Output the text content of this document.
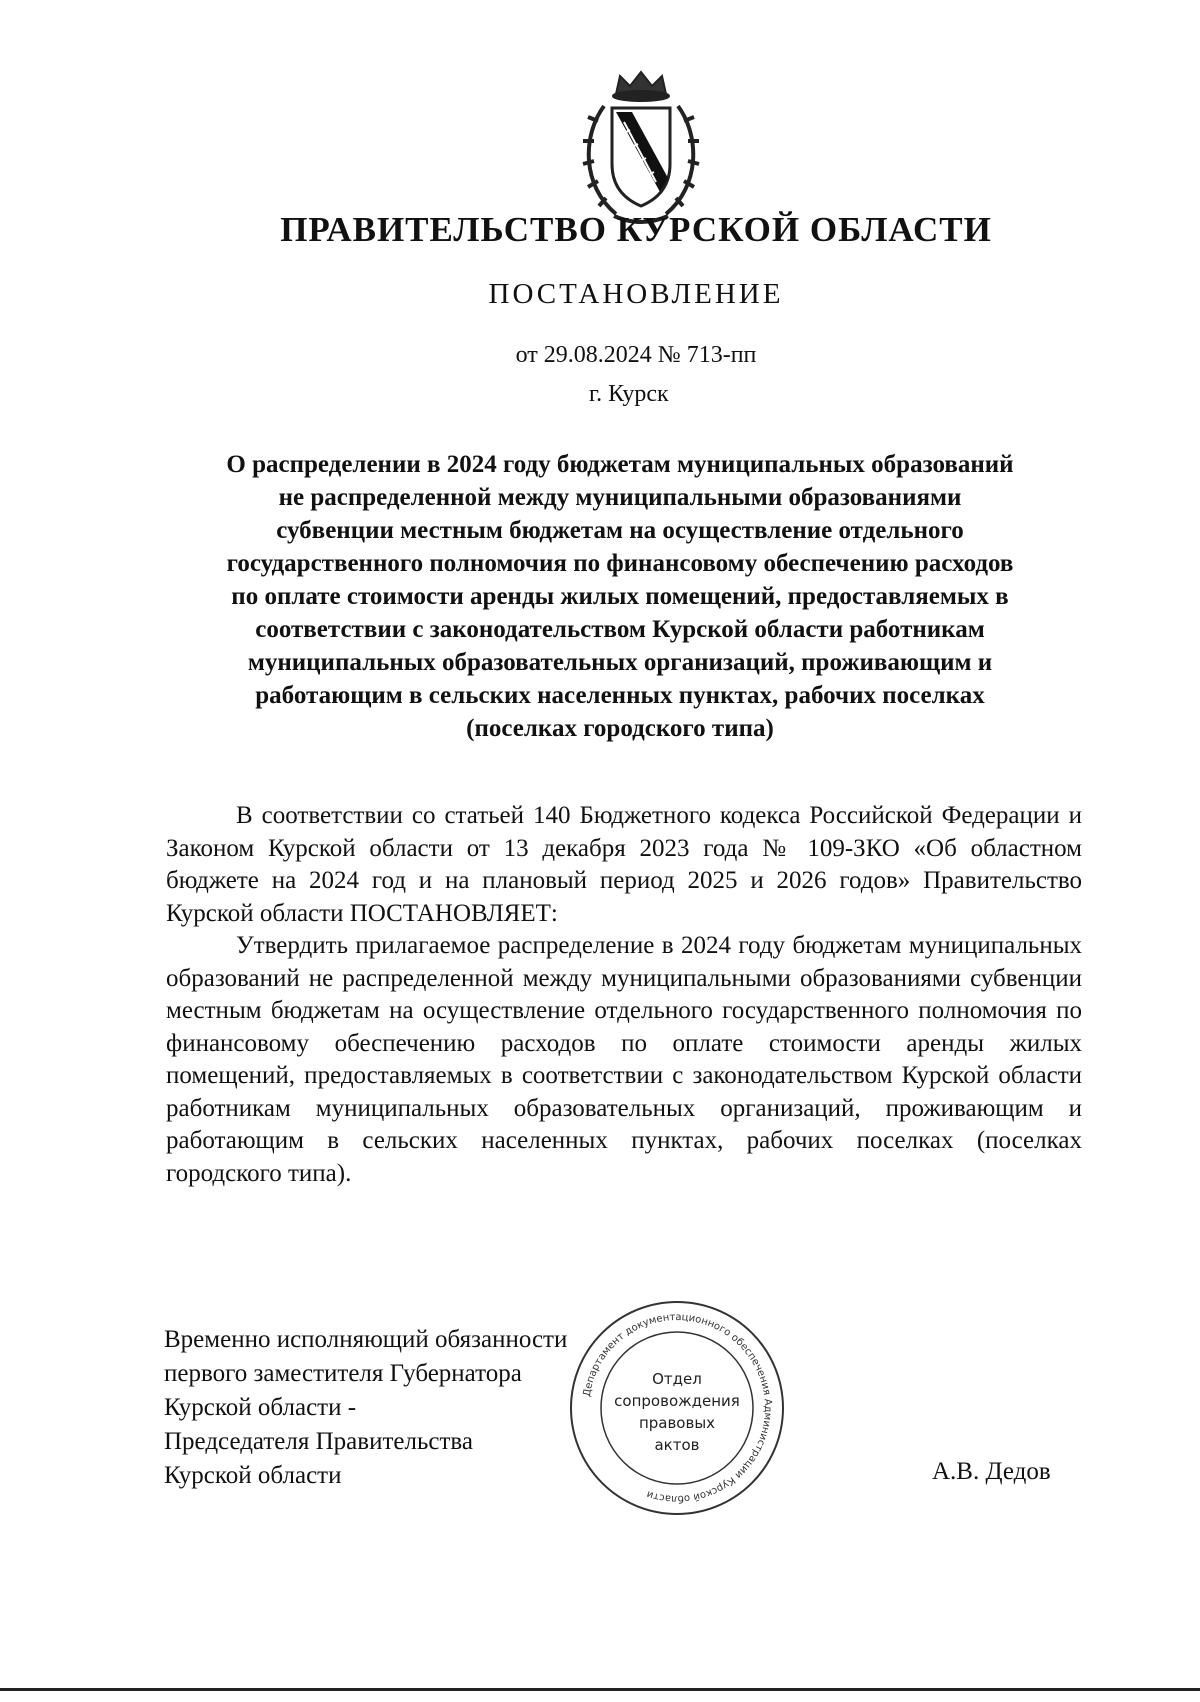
ПРАВИТЕЛЬСТВО КУРСКОЙ ОБЛАСТИ
ПОСТАНОВЛЕНИЕ
от 29.08.2024 № 713-пп
г. Курск
О распределении в 2024 году бюджетам муниципальных образований
не распределенной между муниципальными образованиями
субвенции местным бюджетам на осуществление отдельного
государственного полномочия по финансовому обеспечению расходов
по оплате стоимости аренды жилых помещений, предоставляемых в
соответствии с законодательством Курской области работникам
муниципальных образовательных организаций, проживающим и
работающим в сельских населенных пунктах, рабочих поселках
(поселках городского типа)

В соответствии со статьей 140 Бюджетного кодекса Российской Федерации и Законом Курской области от 13 декабря 2023 года № 109-ЗКО «Об областном бюджете на 2024 год и на плановый период 2025 и 2026 годов» Правительство Курской области ПОСТАНОВЛЯЕТ:

Утвердить прилагаемое распределение в 2024 году бюджетам муниципальных образований не распределенной между муниципальными образованиями субвенции местным бюджетам на осуществление отдельного государственного полномочия по финансовому обеспечению расходов по оплате стоимости аренды жилых помещений, предоставляемых в соответствии с законодательством Курской области работникам муниципальных образовательных организаций, проживающим и работающим в сельских населенных пунктах, рабочих поселках (поселках городского типа).

Временно исполняющий обязанности
первого заместителя Губернатора
Курской области -
Председателя Правительства
Курской области
Департамент документационного обеспечения Администрации Курской области
Отдел
сопровождения
правовых
актов
А.В. Дедов
